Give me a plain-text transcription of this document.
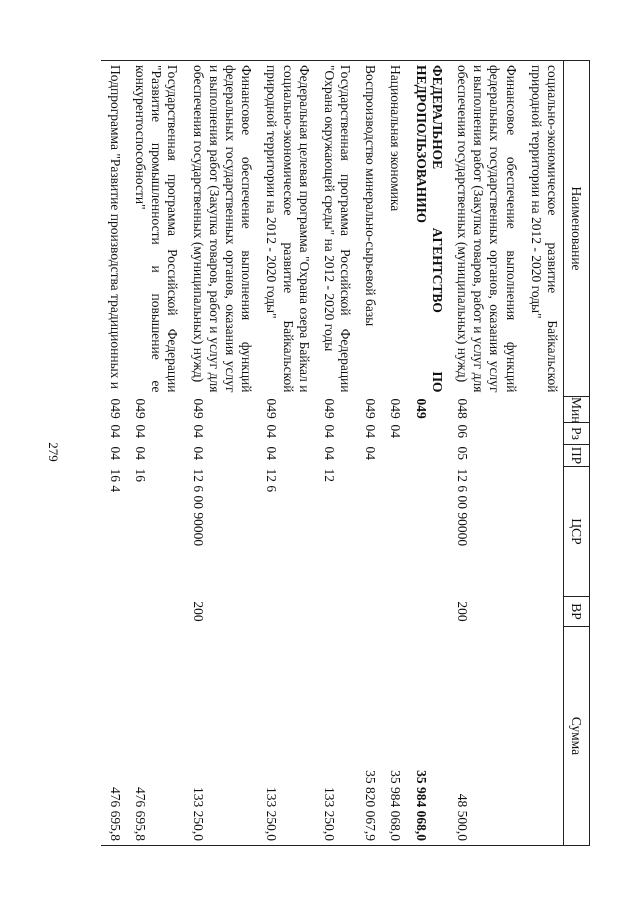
279
Наименование	Мин	Рз	ПР	ЦСР	ВР	Сумма
социально-экономическое развитие Байкальской природной территории на 2012 - 2020 годы"						
Финансовое обеспечение выполнения функций федеральных государственных органов, оказания услуг и выполнения работ (Закупка товаров, работ и услуг для обеспечения государственных (муниципальных) нужд)	048	06	05	12 6 00 90000	200	48 500,0
ФЕДЕРАЛЬНОЕ АГЕНТСТВО ПО НЕДРОПОЛЬЗОВАНИЮ	049					35 984 068,0
Национальная экономика	049	04				35 984 068,0
Воспроизводство минерально-сырьевой базы	049	04	04			35 820 067,9
Государственная программа Российской Федерации "Охрана окружающей среды" на 2012 - 2020 годы	049	04	04	12		133 250,0
Федеральная целевая программа "Охрана озера Байкал и социально-экономическое развитие Байкальской природной территории на 2012 - 2020 годы"	049	04	04	12 6		133 250,0
Финансовое обеспечение выполнения функций федеральных государственных органов, оказания услуг и выполнения работ (Закупка товаров, работ и услуг для обеспечения государственных (муниципальных) нужд)	049	04	04	12 6 00 90000	200	133 250,0
Государственная программа Российской Федерации "Развитие промышленности и повышение ее конкурентоспособности"	049	04	04	16		476 695,8
Подпрограмма "Развитие производства традиционных и	049	04	04	16 4		476 695,8
